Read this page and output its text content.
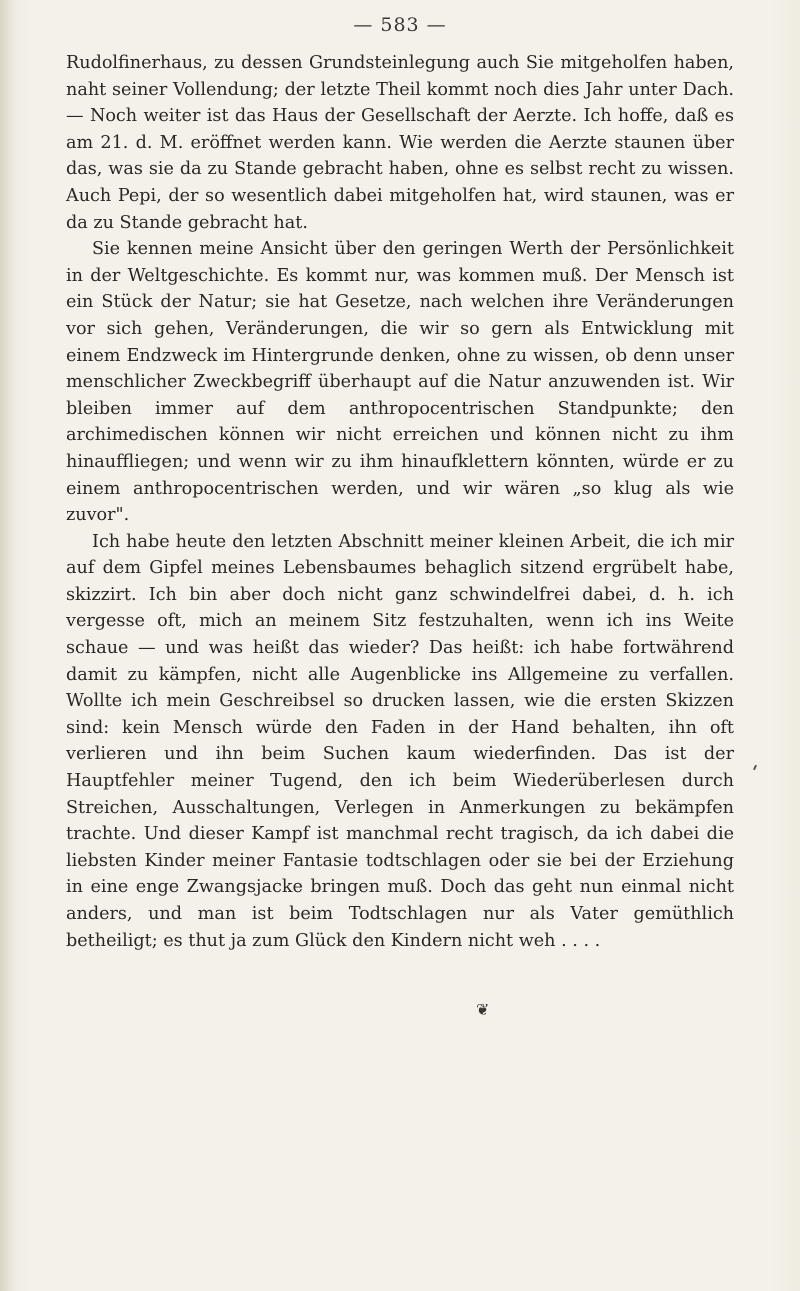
— 583 —

Rudolfinerhaus, zu dessen Grundsteinlegung auch Sie mitgeholfen haben, naht seiner Vollendung; der letzte Theil kommt noch dies Jahr unter Dach. — Noch weiter ist das Haus der Gesellschaft der Aerzte. Ich hoffe, daß es am 21. d. M. eröffnet werden kann. Wie werden die Aerzte staunen über das, was sie da zu Stande gebracht haben, ohne es selbst recht zu wissen. Auch Pepi, der so wesentlich dabei mitgeholfen hat, wird staunen, was er da zu Stande gebracht hat.

Sie kennen meine Ansicht über den geringen Werth der Persönlichkeit in der Weltgeschichte. Es kommt nur, was kommen muß. Der Mensch ist ein Stück der Natur; sie hat Gesetze, nach welchen ihre Veränderungen vor sich gehen, Veränderungen, die wir so gern als Entwicklung mit einem Endzweck im Hintergrunde denken, ohne zu wissen, ob denn unser menschlicher Zweckbegriff überhaupt auf die Natur anzuwenden ist. Wir bleiben immer auf dem anthropocentrischen Standpunkte; den archimedischen können wir nicht erreichen und können nicht zu ihm hinauffliegen; und wenn wir zu ihm hinaufklettern könnten, würde er zu einem anthropocentrischen werden, und wir wären „so klug als wie zuvor".

Ich habe heute den letzten Abschnitt meiner kleinen Arbeit, die ich mir auf dem Gipfel meines Lebensbaumes behaglich sitzend ergrübelt habe, skizzirt. Ich bin aber doch nicht ganz schwindelfrei dabei, d. h. ich vergesse oft, mich an meinem Sitz festzuhalten, wenn ich ins Weite schaue — und was heißt das wieder? Das heißt: ich habe fortwährend damit zu kämpfen, nicht alle Augenblicke ins Allgemeine zu verfallen. Wollte ich mein Geschreibsel so drucken lassen, wie die ersten Skizzen sind: kein Mensch würde den Faden in der Hand behalten, ihn oft verlieren und ihn beim Suchen kaum wiederfinden. Das ist der Hauptfehler meiner Tugend, den ich beim Wiederüberlesen durch Streichen, Ausschaltungen, Verlegen in Anmerkungen zu bekämpfen trachte. Und dieser Kampf ist manchmal recht tragisch, da ich dabei die liebsten Kinder meiner Fantasie todtschlagen oder sie bei der Erziehung in eine enge Zwangsjacke bringen muß. Doch das geht nun einmal nicht anders, und man ist beim Todtschlagen nur als Vater gemüthlich betheiligt; es thut ja zum Glück den Kindern nicht weh . . . .

❦
